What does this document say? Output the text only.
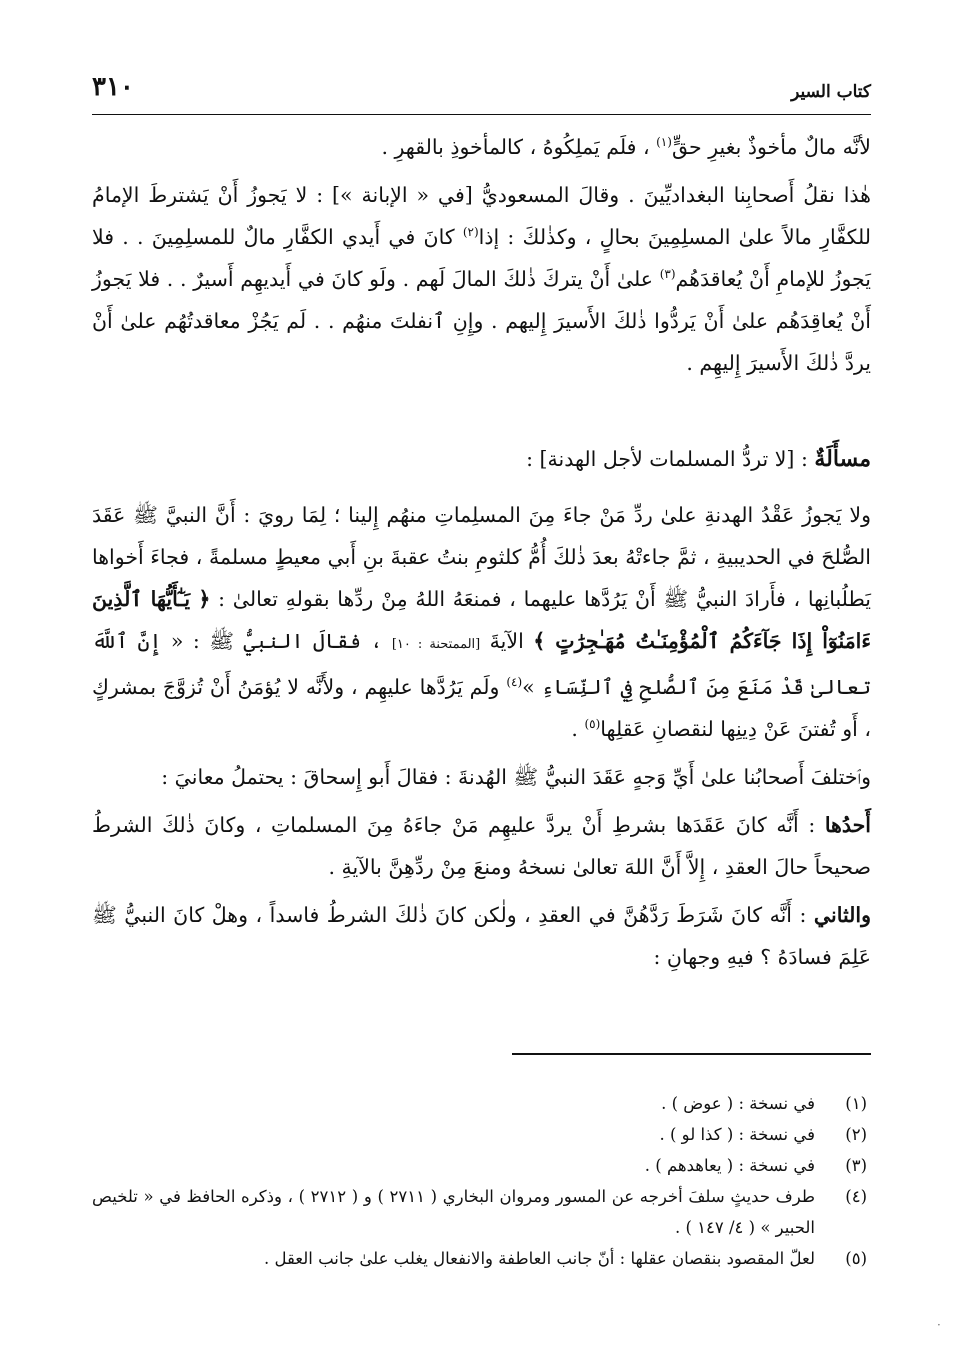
كتاب السير
٣١٠

لأنَّه مالٌ مأخوذٌ بغيرِ حقٍّ$^{(١)}$ ، فلَم يَملِكُوهُ ، كالمأخوذِ بالقهرِ .

هٰذا نقلُ أَصحابِنا البغداديِّينَ . وقالَ المسعوديُّ [في « الإبانة »] : لا يَجوزُ أَنْ يَشترطَ الإمامُ للكفَّارِ مالاً علىٰ المسلِمِينَ بحالٍ ، وكذٰلكَ : إذا$^{(٢)}$ كانَ في أَيدي الكفَّارِ مالٌ للمسلِمِينَ . . فلا يَجوزُ للإمامِ أَنْ يُعاقدَهُم$^{(٣)}$ علىٰ أَنْ يتركَ ذٰلكَ المالَ لَهم . ولَو كانَ في أَيديهِم أَسيرٌ . . فلا يَجوزُ أَنْ يُعاقِدَهُم علىٰ أَنْ يَردُّوا ذٰلكَ الأَسيرَ إِليهم . وإِنِ ٱنفلتَ منهُم . . لَم يَجُزْ معاقدتُهُم علىٰ أَنْ يردَّ ذٰلكَ الأَسيرَ إِليهِم .

مسأَلَةٌ : [لا تردُّ المسلمات لأجل الهدنة] :

ولا يَجوزُ عَقْدُ الهدنةِ علىٰ ردِّ مَنْ جاءَ مِنَ المسلِماتِ منهُم إِلينا ؛ لِمَا رويَ : أَنَّ النبيَّ ﷺ عَقَدَ الصُّلحَ في الحديبيةِ ، ثمَّ جاءتْهُ بعدَ ذٰلكَ أُمُّ كلثومِ بنتُ عقبةَ بنِ أَبي معيطٍ مسلمةً ، فجاءَ أَخواها يَطلُبانِها ، فأَرادَ النبيُّ ﷺ أَنْ يَرُدَّها عليهما ، فمنعَهُ اللهُ مِنْ ردِّها بقولهِ تعالىٰ : ﴿ يَـٰٓأَيُّهَا ٱلَّذِينَ ءَامَنُوٓاْ إِذَا جَآءَكُمُ ٱلْمُؤْمِنَـٰتُ مُهَـٰجِرَٰتٍ ﴾ الآيةَ [الممتحنة : ١٠] ، فقالَ النبيُّ ﷺ : « إِنَّ ٱللَّهَ تعالىٰ قَدْ مَنَعَ مِنَ ٱلصُّلحِ فِي ٱلنِّسَاءِ »$^{(٤)}$ ولَم يَرُدَّها عليهِم ، ولأَنَّه لا يُؤمَنُ أَنْ تُزوَّجَ بمشركٍ ، أَو تُفتنَ عَنْ دِينِها لنقصانِ عَقلِها$^{(٥)}$ .

وٱختلفَ أَصحابُنا علىٰ أَيِّ وَجهٍ عَقَدَ النبيُّ ﷺ الهُدنةَ : فقالَ أَبو إِسحاقَ : يحتملُ معانيَ :

أَحدُها : أَنَّه كانَ عَقَدَها بشرطِ أَنْ يردَّ عليهِم مَنْ جاءَهُ مِنَ المسلماتِ ، وكانَ ذٰلكَ الشرطُ صحيحاً حالَ العقدِ ، إِلاَّ أَنَّ اللهَ تعالىٰ نسخهُ ومنعَ مِنْ ردِّهِنَّ بالآيةِ .

والثاني : أَنَّه كانَ شَرَطَ رَدَّهُنَّ في العقدِ ، ولٰكن كانَ ذٰلكَ الشرطُ فاسداً ، وهلْ كانَ النبيُّ ﷺ عَلِمَ فسادَهُ ؟ فيهِ وجهانِ :

(١)
في نسخة : ( عوض ) .
(٢)
في نسخة : ( كذا لو ) .
(٣)
في نسخة : ( يعاهدهم ) .
(٤)
طرف حديثٍ سلفَ أخرجه عن المسور ومروان البخاري ( ٢٧١١ ) و ( ٢٧١٢ ) ، وذكره الحافظ في « تلخيص الحبير » ( ٤/ ١٤٧ ) .
(٥)
لعلّ المقصود بنقصان عقلها : أنّ جانب العاطفة والانفعال يغلب علىٰ جانب العقل .
·
